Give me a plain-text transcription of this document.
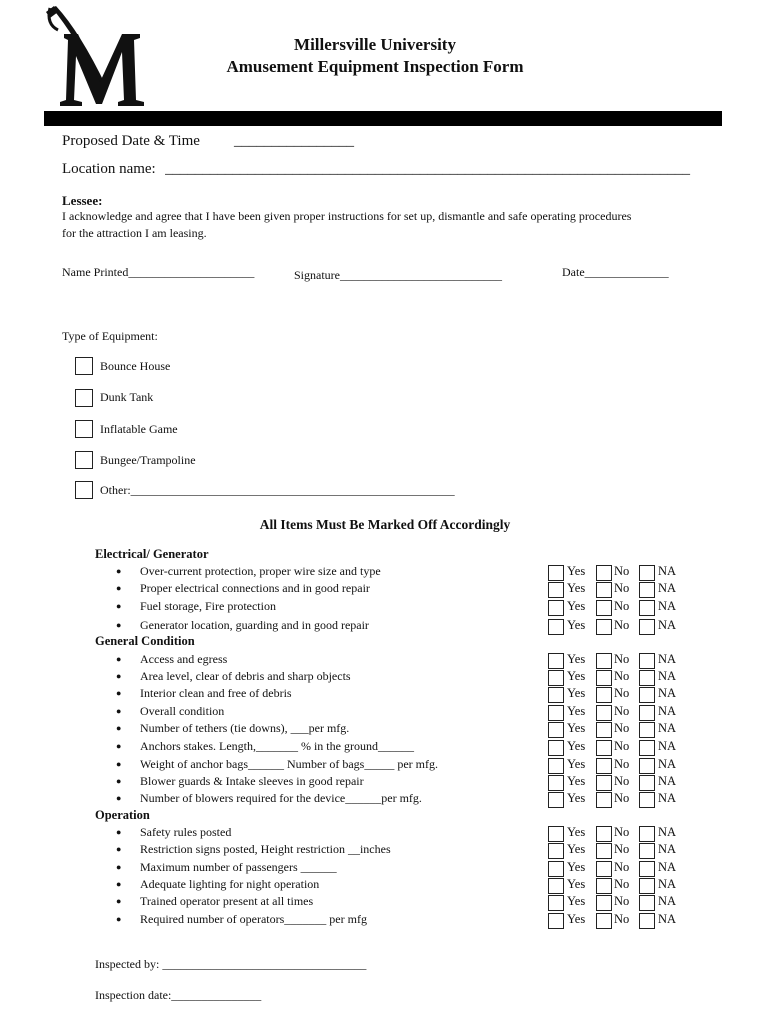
Millersville University
Amusement Equipment Inspection Form
Proposed Date & Time ________________
Location name: ______________________________________________________________________
Lessee:
I acknowledge and agree that I have been given proper instructions for set up, dismantle and safe operating procedures
for the attraction I am leasing.
Name Printed_____________________	Signature___________________________	Date______________
Type of Equipment:
Bounce House
Dunk Tank
Inflatable Game
Bungee/Trampoline
Other:______________________________________________________
All Items Must Be Marked Off Accordingly
Electrical/ Generator
● Over-current protection, proper wire size and type	Yes No NA
● Proper electrical connections and in good repair	Yes No NA
● Fuel storage, Fire protection	Yes No NA
● Generator location, guarding and in good repair	Yes No NA
General Condition
● Access and egress	Yes No NA
● Area level, clear of debris and sharp objects	Yes No NA
● Interior clean and free of debris	Yes No NA
● Overall condition	Yes No NA
● Number of tethers (tie downs), ___per mfg.	Yes No NA
● Anchors stakes. Length,_______ % in the ground______	Yes No NA
● Weight of anchor bags______ Number of bags_____ per mfg.	Yes No NA
● Blower guards & Intake sleeves in good repair	Yes No NA
● Number of blowers required for the device______per mfg.	Yes No NA
Operation
● Safety rules posted	Yes No NA
● Restriction signs posted, Height restriction __inches	Yes No NA
● Maximum number of passengers ______	Yes No NA
● Adequate lighting for night operation	Yes No NA
● Trained operator present at all times	Yes No NA
● Required number of operators_______ per mfg	Yes No NA
Inspected by: __________________________________
Inspection date:_______________
